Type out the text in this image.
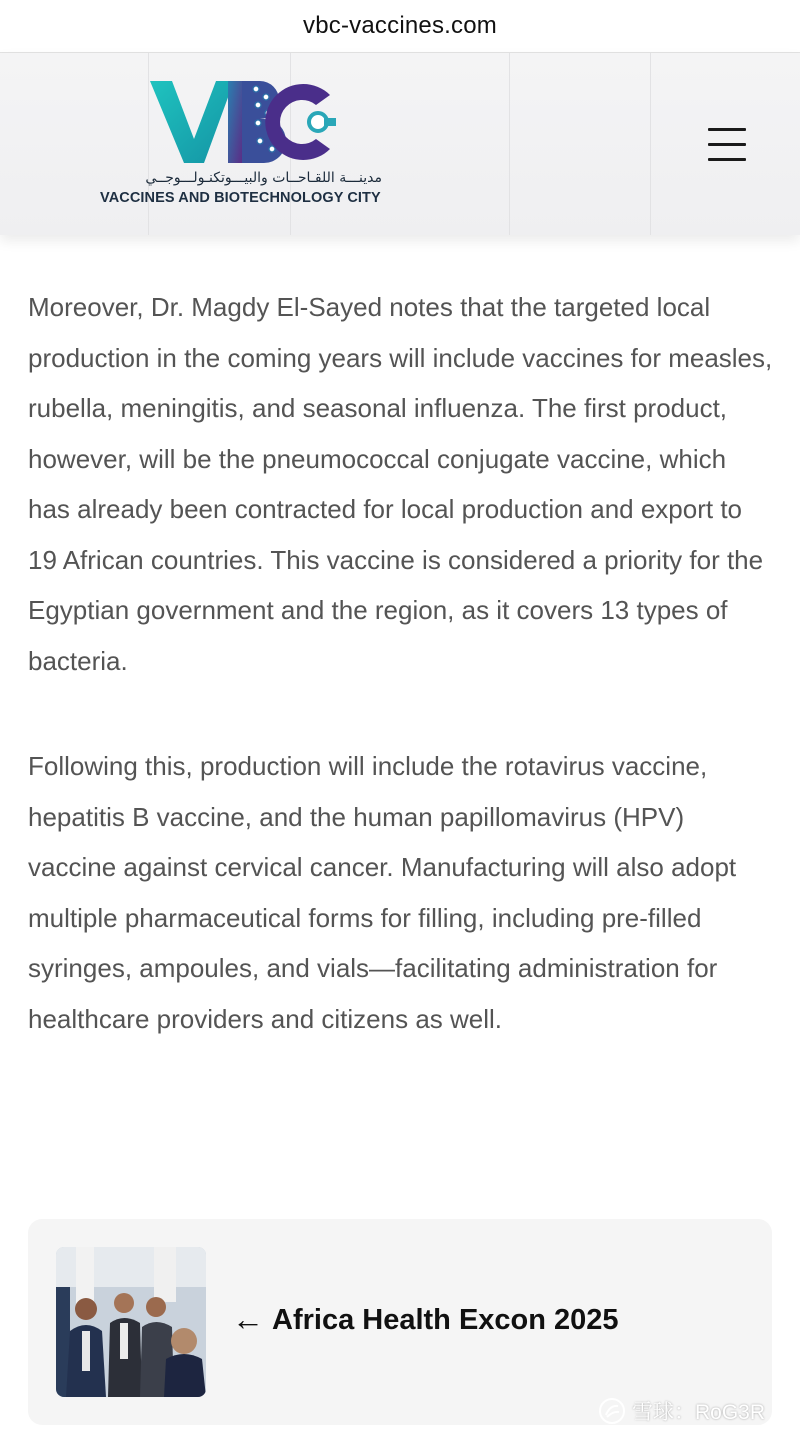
vbc-vaccines.com
مدينـــة اللقـاحــات والبيـــوتكنـولـــوجــي
VACCINES AND BIOTECHNOLOGY CITY

Moreover, Dr. Magdy El-Sayed notes that the targeted local production in the coming years will include vaccines for measles, rubella, meningitis, and seasonal influenza. The first product, however, will be the pneumococcal conjugate vaccine, which has already been contracted for local production and export to 19 African countries. This vaccine is considered a priority for the Egyptian government and the region, as it covers 13 types of bacteria.

Following this, production will include the rotavirus vaccine, hepatitis B vaccine, and the human papillomavirus (HPV) vaccine against cervical cancer. Manufacturing will also adopt multiple pharmaceutical forms for filling, including pre-filled syringes, ampoules, and vials—facilitating administration for healthcare providers and citizens as well.

← Africa Health Excon 2025
雪球：RoG3R
